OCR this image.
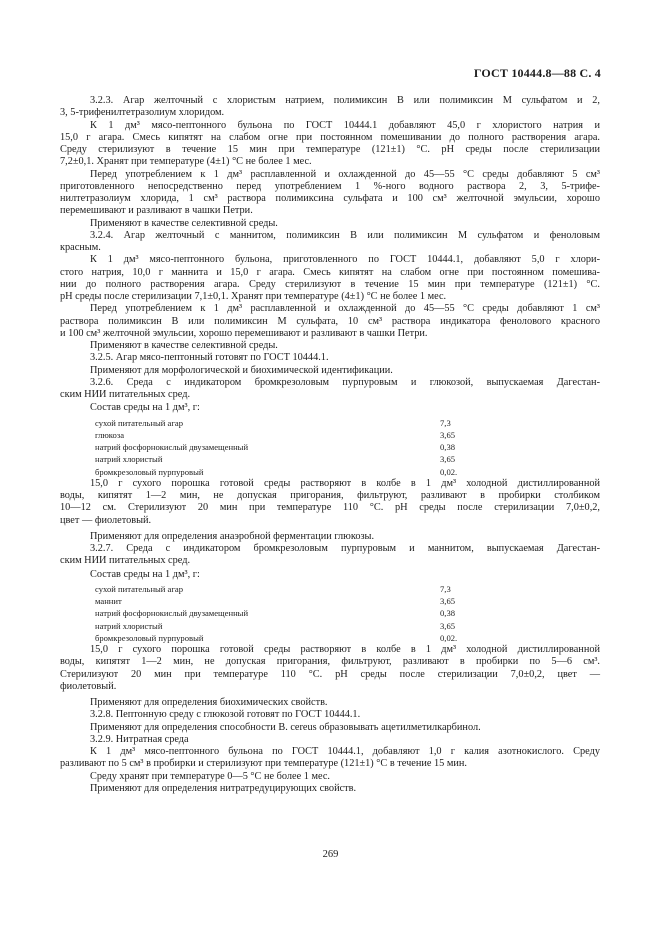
ГОСТ 10444.8—88 С. 4
3.2.3. Агар желточный с хлористым натрием, полимиксин В или полимиксин М сульфатом и 2,
3, 5-трифенилтетразолиум хлоридом.
К 1 дм³ мясо-пептонного бульона по ГОСТ 10444.1 добавляют 45,0 г хлористого натрия и
15,0 г агара. Смесь кипятят на слабом огне при постоянном помешивании до полного растворения агара.
Среду стерилизуют в течение 15 мин при температуре (121±1) °С. рН среды после стерилизации
7,2±0,1. Хранят при температуре (4±1) °С не более 1 мес.
Перед употреблением к 1 дм³ расплавленной и охлажденной до 45—55 °С среды добавляют 5 см³
приготовленного непосредственно перед употреблением 1 %-ного водного раствора 2, 3, 5-трифе-
нилтетразолиум хлорида, 1 см³ раствора полимиксина сульфата и 100 см³ желточной эмульсии, хорошо
перемешивают и разливают в чашки Петри.
Применяют в качестве селективной среды.
3.2.4. Агар желточный с маннитом, полимиксин В или полимиксин М сульфатом и феноловым
красным.
К 1 дм³ мясо-пептонного бульона, приготовленного по ГОСТ 10444.1, добавляют 5,0 г хлори-
стого натрия, 10,0 г маннита и 15,0 г агара. Смесь кипятят на слабом огне при постоянном помешива-
нии до полного растворения агара. Среду стерилизуют в течение 15 мин при температуре (121±1) °С.
рН среды после стерилизации 7,1±0,1. Хранят при температуре (4±1) °С не более 1 мес.
Перед употреблением к 1 дм³ расплавленной и охлажденной до 45—55 °С среды добавляют 1 см³
раствора полимиксин В или полимиксин М сульфата, 10 см³ раствора индикатора фенолового красного
и 100 см³ желточной эмульсии, хорошо перемешивают и разливают в чашки Петри.
Применяют в качестве селективной среды.
3.2.5. Агар мясо-пептонный готовят по ГОСТ 10444.1.
Применяют для морфологической и биохимической идентификации.
3.2.6. Среда с индикатором бромкрезоловым пурпуровым и глюкозой, выпускаемая Дагестан-
ским НИИ питательных сред.
Состав среды на 1 дм³, г:
сухой питательный агар	7,3
глюкоза	3,65
натрий фосфорнокислый двузамещенный	0,38
натрий хлористый	3,65
бромкрезоловый пурпуровый	0,02.
15,0 г сухого порошка готовой среды растворяют в колбе в 1 дм³ холодной дистиллированной
воды, кипятят 1—2 мин, не допуская пригорания, фильтруют, разливают в пробирки столбиком
10—12 см. Стерилизуют 20 мин при температуре 110 °С. рН среды после стерилизации 7,0±0,2,
цвет — фиолетовый.
Применяют для определения анаэробной ферментации глюкозы.
3.2.7. Среда с индикатором бромкрезоловым пурпуровым и маннитом, выпускаемая Дагестан-
ским НИИ питательных сред.
Состав среды на 1 дм³, г:
сухой питательный агар	7,3
маннит	3,65
натрий фосфорнокислый двузамещенный	0,38
натрий хлористый	3,65
бромкрезоловый пурпуровый	0,02.
15,0 г сухого порошка готовой среды растворяют в колбе в 1 дм³ холодной дистиллированной
воды, кипятят 1—2 мин, не допуская пригорания, фильтруют, разливают в пробирки по 5—6 см³.
Стерилизуют 20 мин при температуре 110 °С. рН среды после стерилизации 7,0±0,2, цвет —
фиолетовый.
Применяют для определения биохимических свойств.
3.2.8. Пептонную среду с глюкозой готовят по ГОСТ 10444.1.
Применяют для определения способности B. cereus образовывать ацетилметилкарбинол.
3.2.9. Нитратная среда
К 1 дм³ мясо-пептонного бульона по ГОСТ 10444.1, добавляют 1,0 г калия азотнокислого. Среду
разливают по 5 см³ в пробирки и стерилизуют при температуре (121±1) °С в течение 15 мин.
Среду хранят при температуре 0—5 °С не более 1 мес.
Применяют для определения нитратредуцирующих свойств.
269
